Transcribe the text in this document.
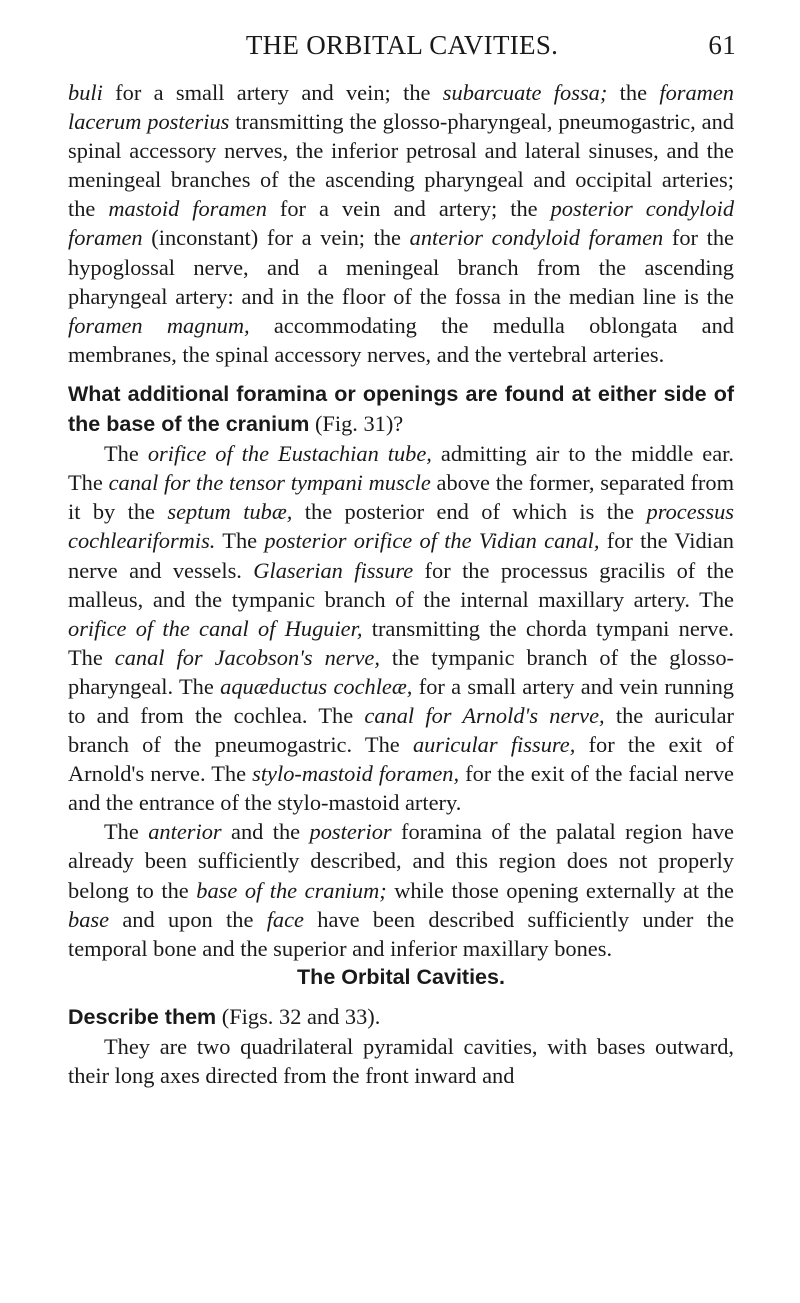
THE ORBITAL CAVITIES.	61

buli for a small artery and vein; the subarcuate fossa; the foramen lacerum posterius transmitting the glosso-pharyngeal, pneumogastric, and spinal accessory nerves, the inferior petrosal and lateral sinuses, and the meningeal branches of the ascending pharyngeal and occipital arteries; the mastoid foramen for a vein and artery; the posterior condyloid foramen (inconstant) for a vein; the anterior condyloid foramen for the hypoglossal nerve, and a meningeal branch from the ascending pharyngeal artery: and in the floor of the fossa in the median line is the foramen magnum, accommodating the medulla oblongata and membranes, the spinal accessory nerves, and the vertebral arteries.

What additional foramina or openings are found at either side of the base of the cranium (Fig. 31)?

The orifice of the Eustachian tube, admitting air to the middle ear. The canal for the tensor tympani muscle above the former, separated from it by the septum tubæ, the posterior end of which is the processus cochleariformis. The posterior orifice of the Vidian canal, for the Vidian nerve and vessels. Glaserian fissure for the processus gracilis of the malleus, and the tympanic branch of the internal maxillary artery. The orifice of the canal of Huguier, transmitting the chorda tympani nerve. The canal for Jacobson's nerve, the tympanic branch of the glosso-pharyngeal. The aquæductus cochleæ, for a small artery and vein running to and from the cochlea. The canal for Arnold's nerve, the auricular branch of the pneumogastric. The auricular fissure, for the exit of Arnold's nerve. The stylo-mastoid foramen, for the exit of the facial nerve and the entrance of the stylo-mastoid artery.

The anterior and the posterior foramina of the palatal region have already been sufficiently described, and this region does not properly belong to the base of the cranium; while those opening externally at the base and upon the face have been described sufficiently under the temporal bone and the superior and inferior maxillary bones.

The Orbital Cavities.

Describe them (Figs. 32 and 33).

They are two quadrilateral pyramidal cavities, with bases outward, their long axes directed from the front inward and
